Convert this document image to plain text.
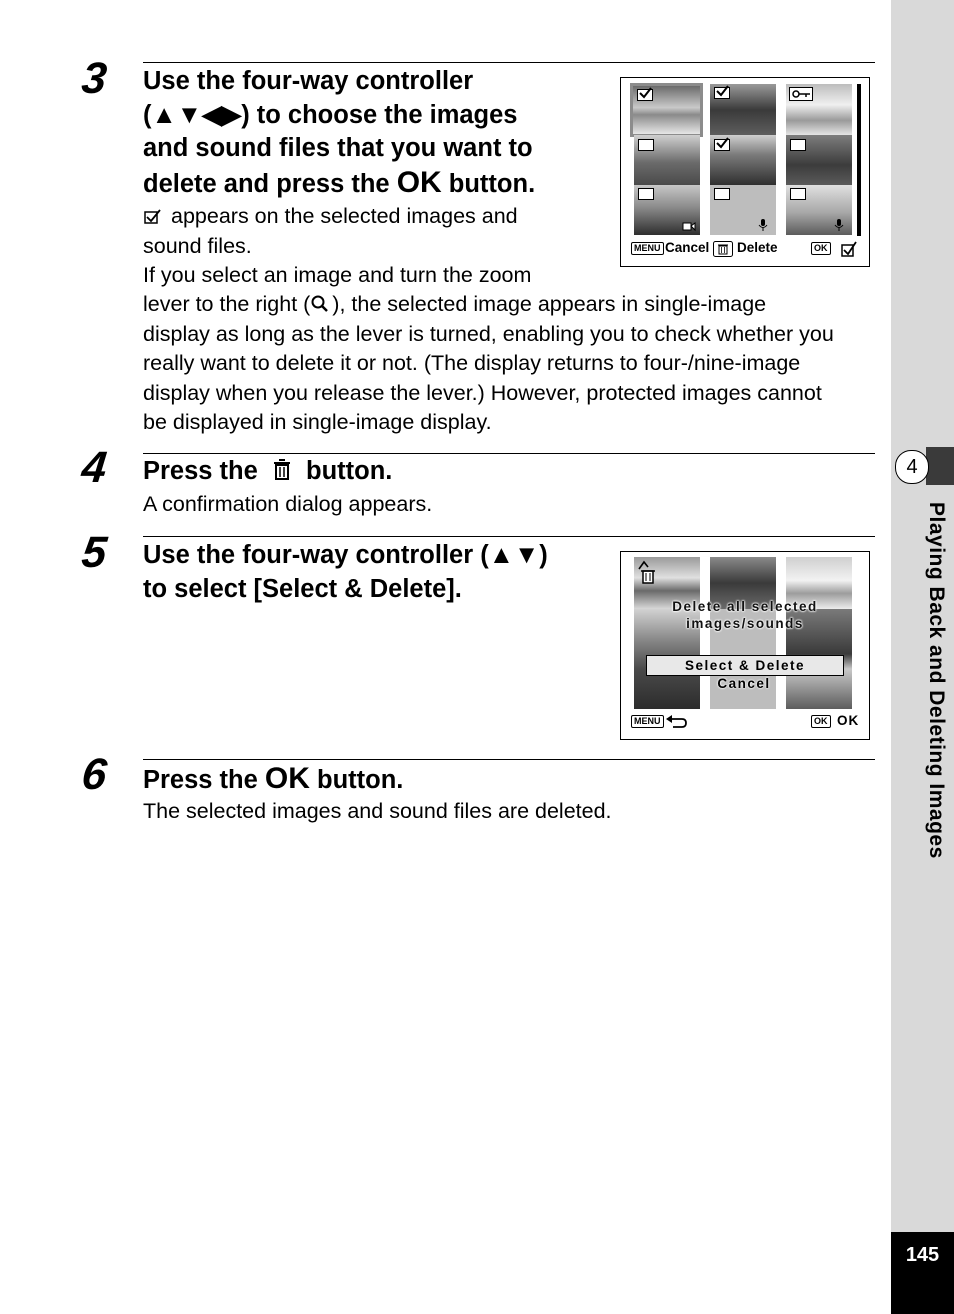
3 Use the four-way controller
(▲▼◀▶) to choose the images
and sound files that you want to
delete and press the OK button.
appears on the selected images and
sound files.
If you select an image and turn the zoom
lever to the right ( ), the selected image appears in single-image
display as long as the lever is turned, enabling you to check whether you
really want to delete it or not. (The display returns to four-/nine-image
display when you release the lever.) However, protected images cannot
be displayed in single-image display.
MENU Cancel Delete	OK
4 Press the button.
A confirmation dialog appears.
5 Use the four-way controller (▲▼)
to select [Select & Delete].
Delete all selected
images/sounds
Select & Delete
Cancel
MENU	OK OK
6 Press the OK button.
The selected images and sound files are deleted.
4
Playing Back and Deleting Images
145
